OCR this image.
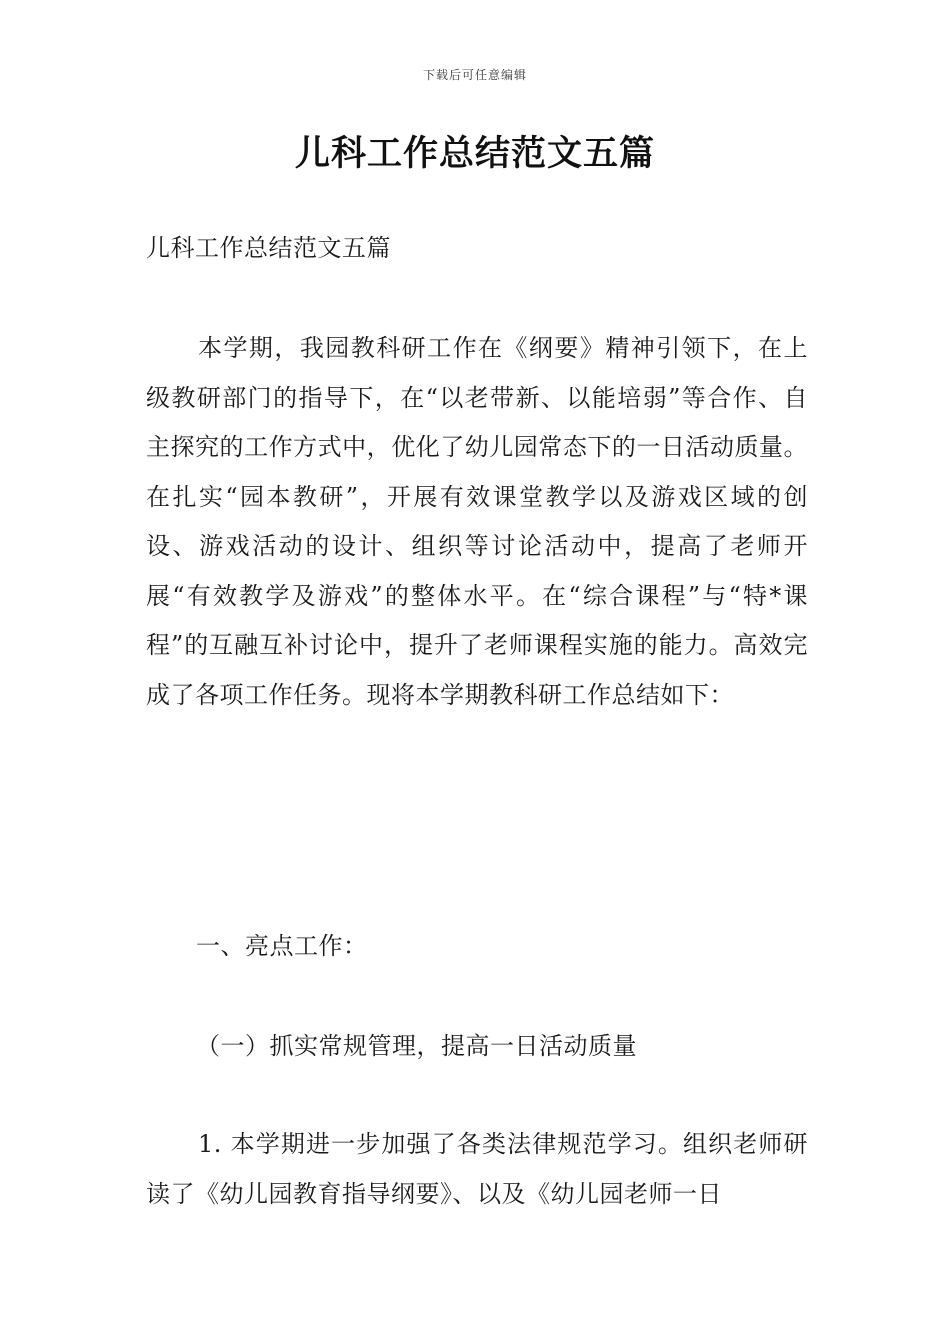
下载后可任意编辑
儿科工作总结范文五篇

儿科工作总结范文五篇

本学期，我园教科研工作在《纲要》精神引领下，在上级教研部门的指导下，在“以老带新、以能培弱”等合作、自主探究的工作方式中，优化了幼儿园常态下的一日活动质量。在扎实“园本教研”，开展有效课堂教学以及游戏区域的创设、游戏活动的设计、组织等讨论活动中，提高了老师开展“有效教学及游戏”的整体水平。在“综合课程”与“特*课程”的互融互补讨论中，提升了老师课程实施的能力。高效完成了各项工作任务。现将本学期教科研工作总结如下：

一、亮点工作：

（一）抓实常规管理，提高一日活动质量

1. 本学期进一步加强了各类法律规范学习。组织老师研读了《幼儿园教育指导纲要》、以及《幼儿园老师一日
